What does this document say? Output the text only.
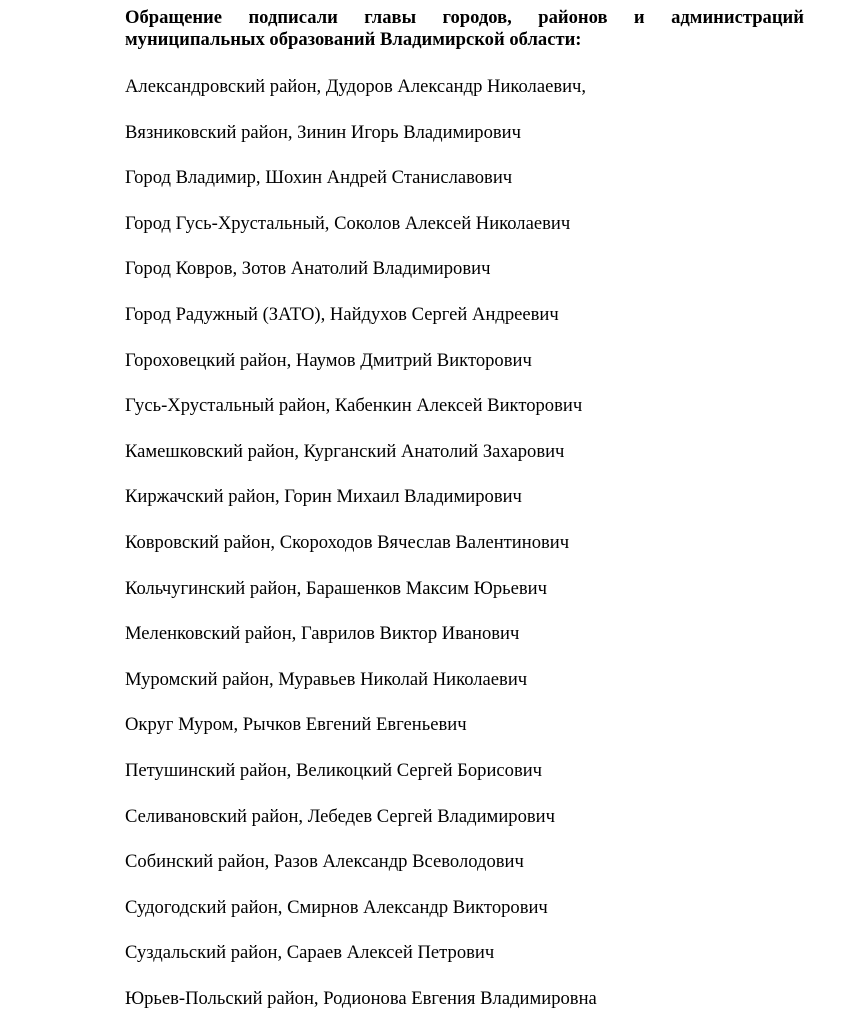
Обращение подписали главы городов, районов и администраций муниципальных образований Владимирской области:

Александровский район, Дудоров Александр Николаевич,
Вязниковский район, Зинин Игорь Владимирович
Город Владимир, Шохин Андрей Станиславович
Город Гусь-Хрустальный, Соколов Алексей Николаевич
Город Ковров, Зотов Анатолий Владимирович
Город Радужный (ЗАТО), Найдухов Сергей Андреевич
Гороховецкий район, Наумов Дмитрий Викторович
Гусь-Хрустальный район, Кабенкин Алексей Викторович
Камешковский район, Курганский Анатолий Захарович
Киржачский район, Горин Михаил Владимирович
Ковровский район, Скороходов Вячеслав Валентинович
Кольчугинский район, Барашенков Максим Юрьевич
Меленковский район, Гаврилов Виктор Иванович
Муромский район, Муравьев Николай Николаевич
Округ Муром, Рычков Евгений Евгеньевич
Петушинский район, Великоцкий Сергей Борисович
Селивановский район, Лебедев Сергей Владимирович
Собинский район, Разов Александр Всеволодович
Судогодский район, Смирнов Александр Викторович
Суздальский район, Сараев Алексей Петрович
Юрьев-Польский район, Родионова Евгения Владимировна
